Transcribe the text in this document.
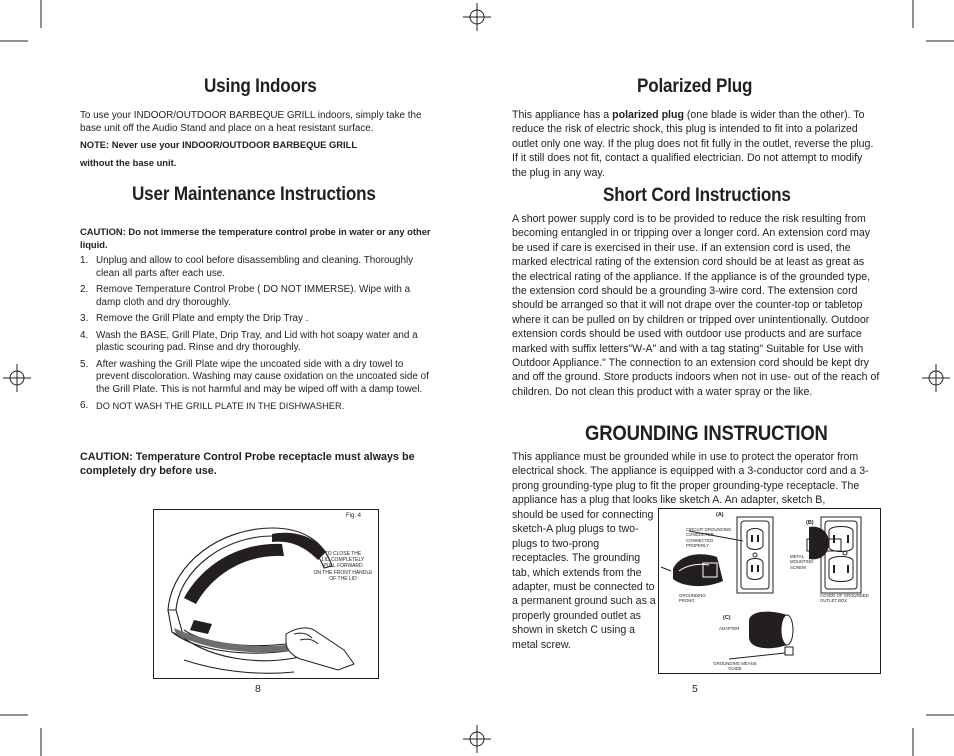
Using Indoors
To use your INDOOR/OUTDOOR BARBEQUE GRILL indoors, simply take the base unit off the Audio Stand and place on a heat resistant surface.
NOTE: Never use your INDOOR/OUTDOOR BARBEQUE GRILL
without the base unit.
User Maintenance Instructions
CAUTION: Do not immerse the temperature control probe in water or any other liquid.
1. Unplug and allow to cool before disassembling and cleaning. Thoroughly clean all parts after each use.
2. Remove Temperature Control Probe ( DO NOT IMMERSE). Wipe with a damp cloth and dry thoroughly.
3. Remove the Grill Plate and empty the Drip Tray .
4. Wash the BASE, Grill Plate, Drip Tray, and Lid with hot soapy water and a plastic scouring pad. Rinse and dry thoroughly.
5. After washing the Grill Plate wipe the uncoated side with a dry towel to prevent discoloration. Washing may cause oxidation on the uncoated side of the Grill Plate. This is not harmful and may be wiped off with a damp towel.
6. DO NOT WASH THE GRILL PLATE IN THE DISHWASHER.
CAUTION: Temperature Control Probe receptacle must always be completely dry before use.
Fig. 4
TO CLOSE THE
LID COMPLETELY
PULL FORWARD
ON THE FRONT HANDLE
OF THE LID
8
Polarized Plug
This appliance has a polarized plug (one blade is wider than the other). To reduce the risk of electric shock, this plug is intended to fit into a polarized outlet only one way. If the plug does not fit fully in the outlet, reverse the plug. If it still does not fit, contact a qualified electrician. Do not attempt to modify the plug in any way.
Short Cord Instructions
A short power supply cord is to be provided to reduce the risk resulting from becoming entangled in or tripping over a longer cord. An extension cord may be used if care is exercised in their use. If an extension cord is used, the marked electrical rating of the extension cord should be at least as great as the electrical rating of the appliance. If the appliance is of the grounded type, the extension cord should be a grounding 3-wire cord. The extension cord should be arranged so that it will not drape over the counter-top or tabletop where it can be pulled on by children or tripped over unintentionally. Outdoor extension cords should be used with outdoor use products and are surface marked with suffix letters"W-A" and with a tag stating" Suitable for Use with Outdoor Appliance." The connection to an extension cord should be kept dry and off the ground. Store products indoors when not in use- out of the reach of children. Do not clean this product with a water spray or the like.
GROUNDING INSTRUCTION
This appliance must be grounded while in use to protect the operator from electrical shock. The appliance is equipped with a 3-conductor cord and a 3-prong grounding-type plug to fit the proper grounding-type receptacle. The appliance has a plug that looks like sketch A. An adapter, sketch B,
should be used for connecting sketch-A plug plugs to two-plugs to two-prong receptacles. The grounding tab, which extends from the adapter, must be connected to a permanent ground such as a properly grounded outlet as shown in sketch C using a metal screw.
(A)
(B)
(C)
CIRCUIT GROUNDING
CONDUCTOR
CONNECTED
PROPERLY
METAL
MOUNTING
SCREW
GROUNDING
PRONG
COVER OF GROUNDED
OUTLET BOX
ADAPTER
GROUNDING MEANS
GUIDE
5
